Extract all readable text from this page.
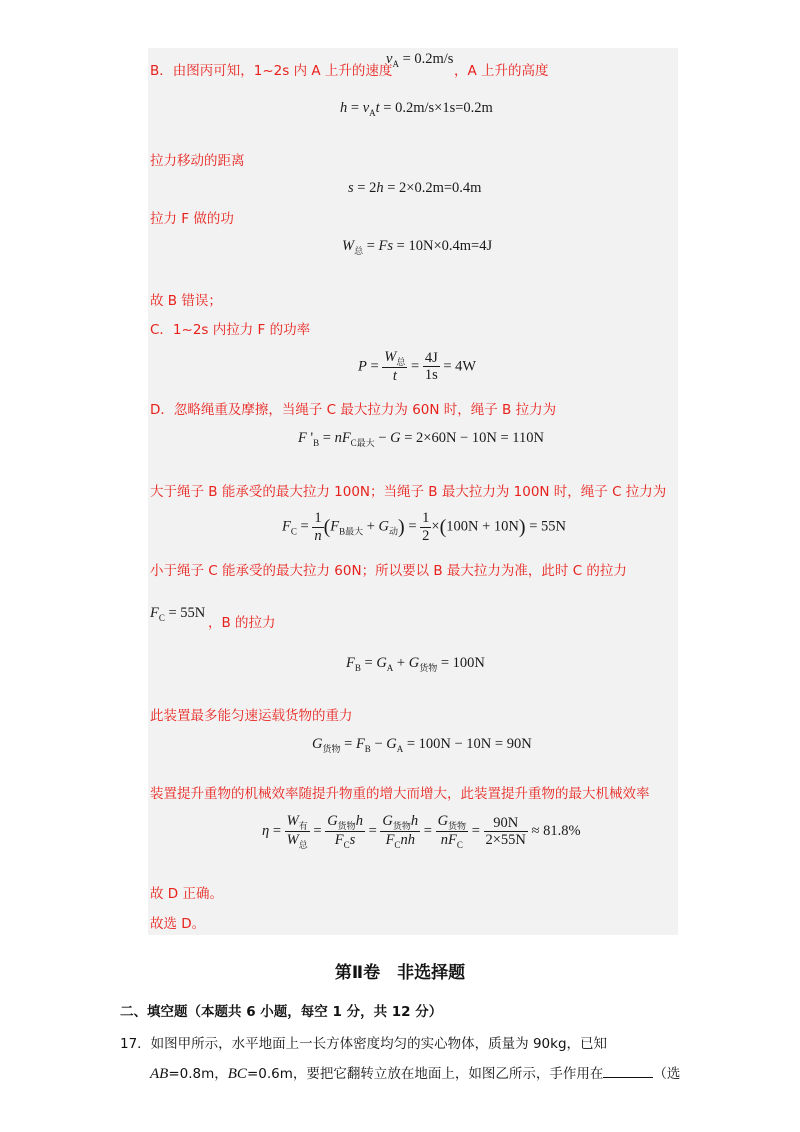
$v_A = 0.2m/s$
B．由图丙可知，1~2s 内 A 上升的速度	，A 上升的高度
$h = v_At = 0.2m/s\times 1s=0.2m$
拉力移动的距离
s = 2h = 2×0.2m=0.4m
拉力 F 做的功
$W_总 = Fs = 10N\times 0.4m=4J$
故 B 错误；
C．1~2s 内拉力 F 的功率
$P = \frac{W_总}{t} = \frac{4J}{1s} = 4W$
D．忽略绳重及摩擦，当绳子 C 最大拉力为 60N 时，绳子 B 拉力为
F '$_B = nF_{C最大} - G = 2\times 60N - 10N = 110N$
大于绳子 B 能承受的最大拉力 100N；当绳子 B 最大拉力为 100N 时，绳子 C 拉力为
$F_C = \frac{1}{n} (F_{B最大} + G_动) = \frac{1}{2} \times(100N + 10N) = 55N$
小于绳子 C 能承受的最大拉力 60N；所以要以 B 最大拉力为准，此时 C 的拉力
$F_C = 55N$
，B 的拉力
$F_B = G_A + G_{货物} = 100N$
此装置最多能匀速运载货物的重力
$G_{货物} = F_B - G_A = 100N - 10N = 90N$
装置提升重物的机械效率随提升物重的增大而增大，此装置提升重物的最大机械效率
$\eta = \frac{W_有}{W_总} = \frac{G_{货物}h}{F_Cs} = \frac{G_{货物}h}{F_Cnh} = \frac{G_{货物}}{nF_C} = \frac{90N}{2\times 55N} \approx 81.8\%$
故 D 正确。
故选 D。
第Ⅱ卷　非选择题
二、填空题（本题共 6 小题，每空 1 分，共 12 分）
17．如图甲所示，水平地面上一长方体密度均匀的实心物体，质量为 90kg，已知
AB=0.8m，BC=0.6m，要把它翻转立放在地面上，如图乙所示，手作用在	（选
